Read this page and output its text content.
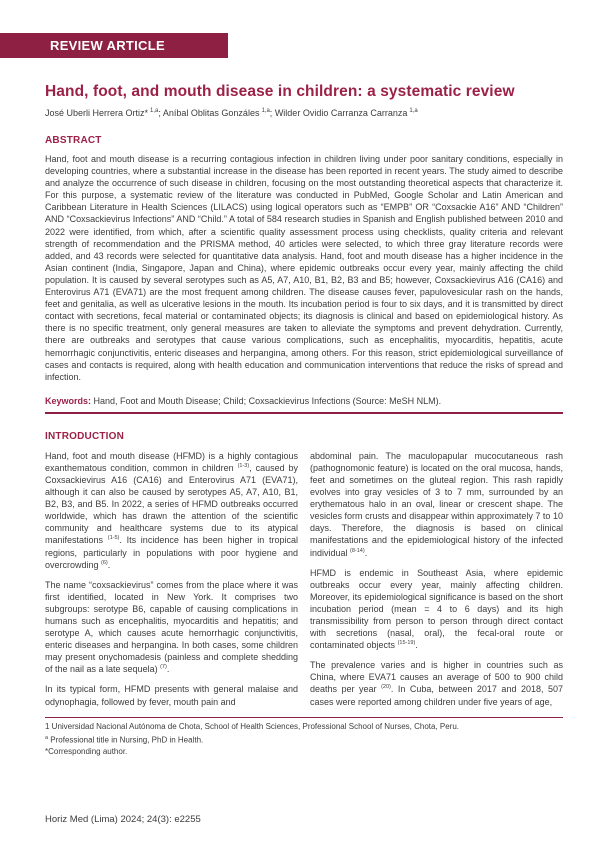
REVIEW ARTICLE
Hand, foot, and mouth disease in children: a systematic review

José Uberli Herrera Ortiz* $^{1,a}$; Aníbal Oblitas Gonzáles $^{1,a}$; Wilder Ovidio Carranza Carranza $^{1,a}$

ABSTRACT

Hand, foot and mouth disease is a recurring contagious infection in children living under poor sanitary conditions, especially in developing countries, where a substantial increase in the disease has been reported in recent years. The study aimed to describe and analyze the occurrence of such disease in children, focusing on the most outstanding theoretical aspects that characterize it. For this purpose, a systematic review of the literature was conducted in PubMed, Google Scholar and Latin American and Caribbean Literature in Health Sciences (LILACS) using logical operators such as “EMPB” OR “Coxsackie A16” AND “Children” AND “Coxsackievirus Infections” AND “Child.” A total of 584 research studies in Spanish and English published between 2010 and 2022 were identified, from which, after a scientific quality assessment process using checklists, quality criteria and relevant strength of recommendation and the PRISMA method, 40 articles were selected, to which three gray literature records were added, and 43 records were selected for quantitative data analysis. Hand, foot and mouth disease has a higher incidence in the Asian continent (India, Singapore, Japan and China), where epidemic outbreaks occur every year, mainly affecting the child population. It is caused by several serotypes such as A5, A7, A10, B1, B2, B3 and B5; however, Coxsackievirus A16 (CA16) and Enterovirus A71 (EVA71) are the most frequent among children. The disease causes fever, papulovesicular rash on the hands, feet and genitalia, as well as ulcerative lesions in the mouth. Its incubation period is four to six days, and it is transmitted by direct contact with secretions, fecal material or contaminated objects; its diagnosis is clinical and based on epidemiological history. As there is no specific treatment, only general measures are taken to alleviate the symptoms and prevent dehydration. Currently, there are outbreaks and serotypes that cause various complications, such as encephalitis, myocarditis, hepatitis, acute hemorrhagic conjunctivitis, enteric diseases and herpangina, among others. For this reason, strict epidemiological surveillance of cases and contacts is required, along with health education and communication interventions that reduce the risks of spread and infection.

Keywords: Hand, Foot and Mouth Disease; Child; Coxsackievirus Infections (Source: MeSH NLM).

INTRODUCTION

Hand, foot and mouth disease (HFMD) is a highly contagious exanthematous condition, common in children $^{(1-3)}$, caused by Coxsackievirus A16 (CA16) and Enterovirus A71 (EVA71), although it can also be caused by serotypes A5, A7, A10, B1, B2, B3, and B5. In 2022, a series of HFMD outbreaks occurred worldwide, which has drawn the attention of the scientific community and healthcare systems due to its atypical manifestations $^{(1-5)}$. Its incidence has been higher in tropical regions, particularly in populations with poor hygiene and overcrowding $^{(6)}$.

The name “coxsackievirus” comes from the place where it was first identified, located in New York. It comprises two subgroups: serotype B6, capable of causing complications in humans such as encephalitis, myocarditis and hepatitis; and serotype A, which causes acute hemorrhagic conjunctivitis, enteric diseases and herpangina. In both cases, some children may present onychomadesis (painless and complete shedding of the nail as a late sequela) $^{(7)}$.

In its typical form, HFMD presents with general malaise and odynophagia, followed by fever, mouth pain and

abdominal pain. The maculopapular mucocutaneous rash (pathognomonic feature) is located on the oral mucosa, hands, feet and sometimes on the gluteal region. This rash rapidly evolves into gray vesicles of 3 to 7 mm, surrounded by an erythematous halo in an oval, linear or crescent shape. The vesicles form crusts and disappear within approximately 7 to 10 days. Therefore, the diagnosis is based on clinical manifestations and the epidemiological history of the infected individual $^{(8-14)}$.

HFMD is endemic in Southeast Asia, where epidemic outbreaks occur every year, mainly affecting children. Moreover, its epidemiological significance is based on the short incubation period (mean = 4 to 6 days) and its high transmissibility from person to person through direct contact with secretions (nasal, oral), the fecal-oral route or contaminated objects $^{(15-19)}$.

The prevalence varies and is higher in countries such as China, where EVA71 causes an average of 500 to 900 child deaths per year $^{(20)}$. In Cuba, between 2017 and 2018, 507 cases were reported among children under five years of age,

1 Universidad Nacional Autónoma de Chota, School of Health Sciences, Professional School of Nurses, Chota, Peru.

$^a$ Professional title in Nursing, PhD in Health.

*Corresponding author.

Horiz Med (Lima) 2024; 24(3): e2255
